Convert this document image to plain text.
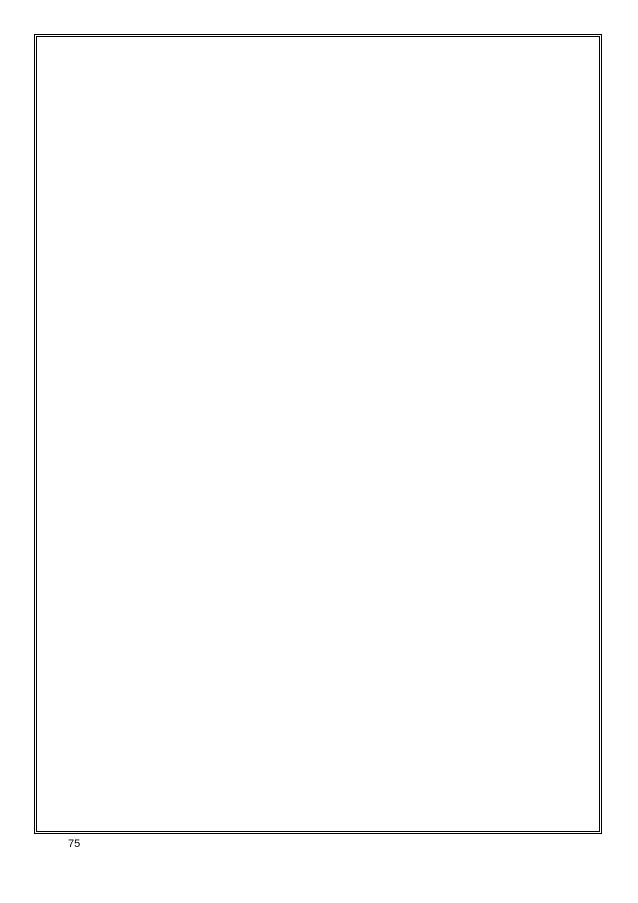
75
